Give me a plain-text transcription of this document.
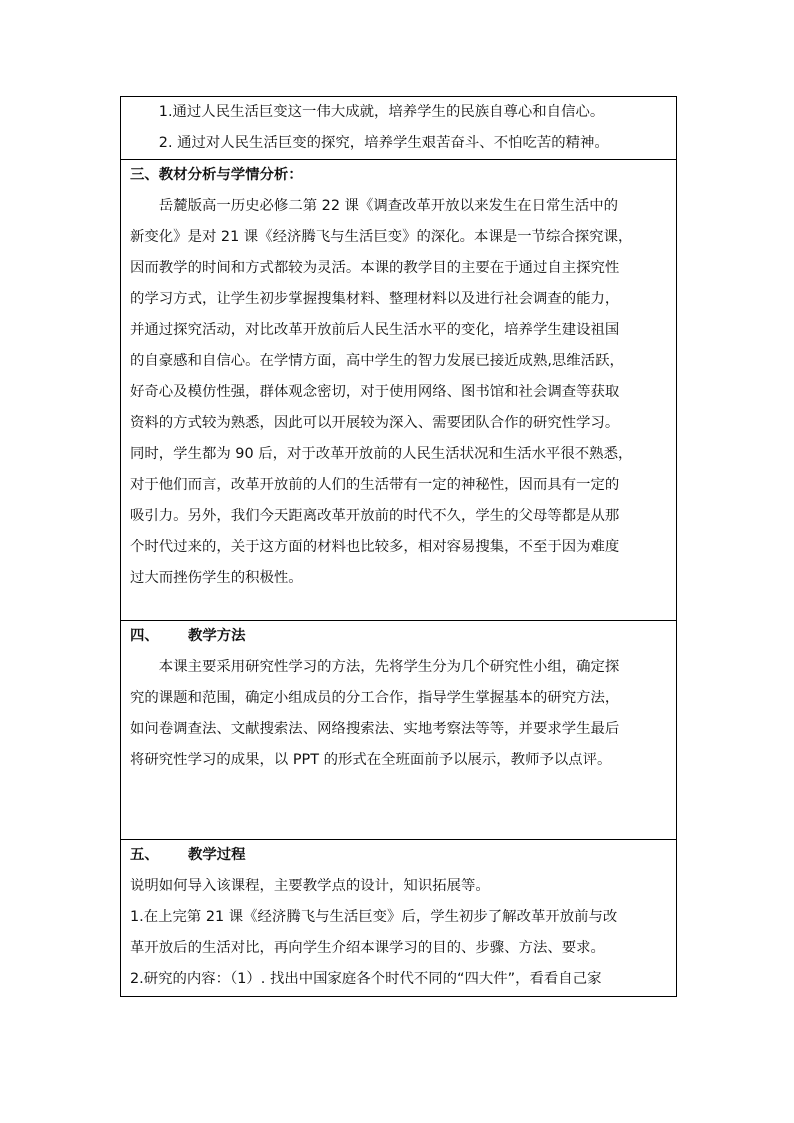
1.通过人民生活巨变这一伟大成就，培养学生的民族自尊心和自信心。
2. 通过对人民生活巨变的探究，培养学生艰苦奋斗、不怕吃苦的精神。

三、教材分析与学情分析：
岳麓版高一历史必修二第 22 课《调查改革开放以来发生在日常生活中的
新变化》是对 21 课《经济腾飞与生活巨变》的深化。本课是一节综合探究课，
因而教学的时间和方式都较为灵活。本课的教学目的主要在于通过自主探究性
的学习方式，让学生初步掌握搜集材料、整理材料以及进行社会调查的能力，
并通过探究活动，对比改革开放前后人民生活水平的变化，培养学生建设祖国
的自豪感和自信心。在学情方面，高中学生的智力发展已接近成熟,思维活跃，
好奇心及模仿性强，群体观念密切，对于使用网络、图书馆和社会调查等获取
资料的方式较为熟悉，因此可以开展较为深入、需要团队合作的研究性学习。
同时，学生都为 90 后，对于改革开放前的人民生活状况和生活水平很不熟悉，
对于他们而言，改革开放前的人们的生活带有一定的神秘性，因而具有一定的
吸引力。另外，我们今天距离改革开放前的时代不久，学生的父母等都是从那
个时代过来的，关于这方面的材料也比较多，相对容易搜集，不至于因为难度
过大而挫伤学生的积极性。

四、 教学方法
本课主要采用研究性学习的方法，先将学生分为几个研究性小组，确定探
究的课题和范围，确定小组成员的分工合作，指导学生掌握基本的研究方法，
如问卷调查法、文献搜索法、网络搜索法、实地考察法等等，并要求学生最后
将研究性学习的成果，以 PPT 的形式在全班面前予以展示，教师予以点评。

五、 教学过程
说明如何导入该课程，主要教学点的设计，知识拓展等。
1.在上完第 21 课《经济腾飞与生活巨变》后，学生初步了解改革开放前与改
革开放后的生活对比，再向学生介绍本课学习的目的、步骤、方法、要求。
2.研究的内容：（1）. 找出中国家庭各个时代不同的“四大件”，看看自己家
